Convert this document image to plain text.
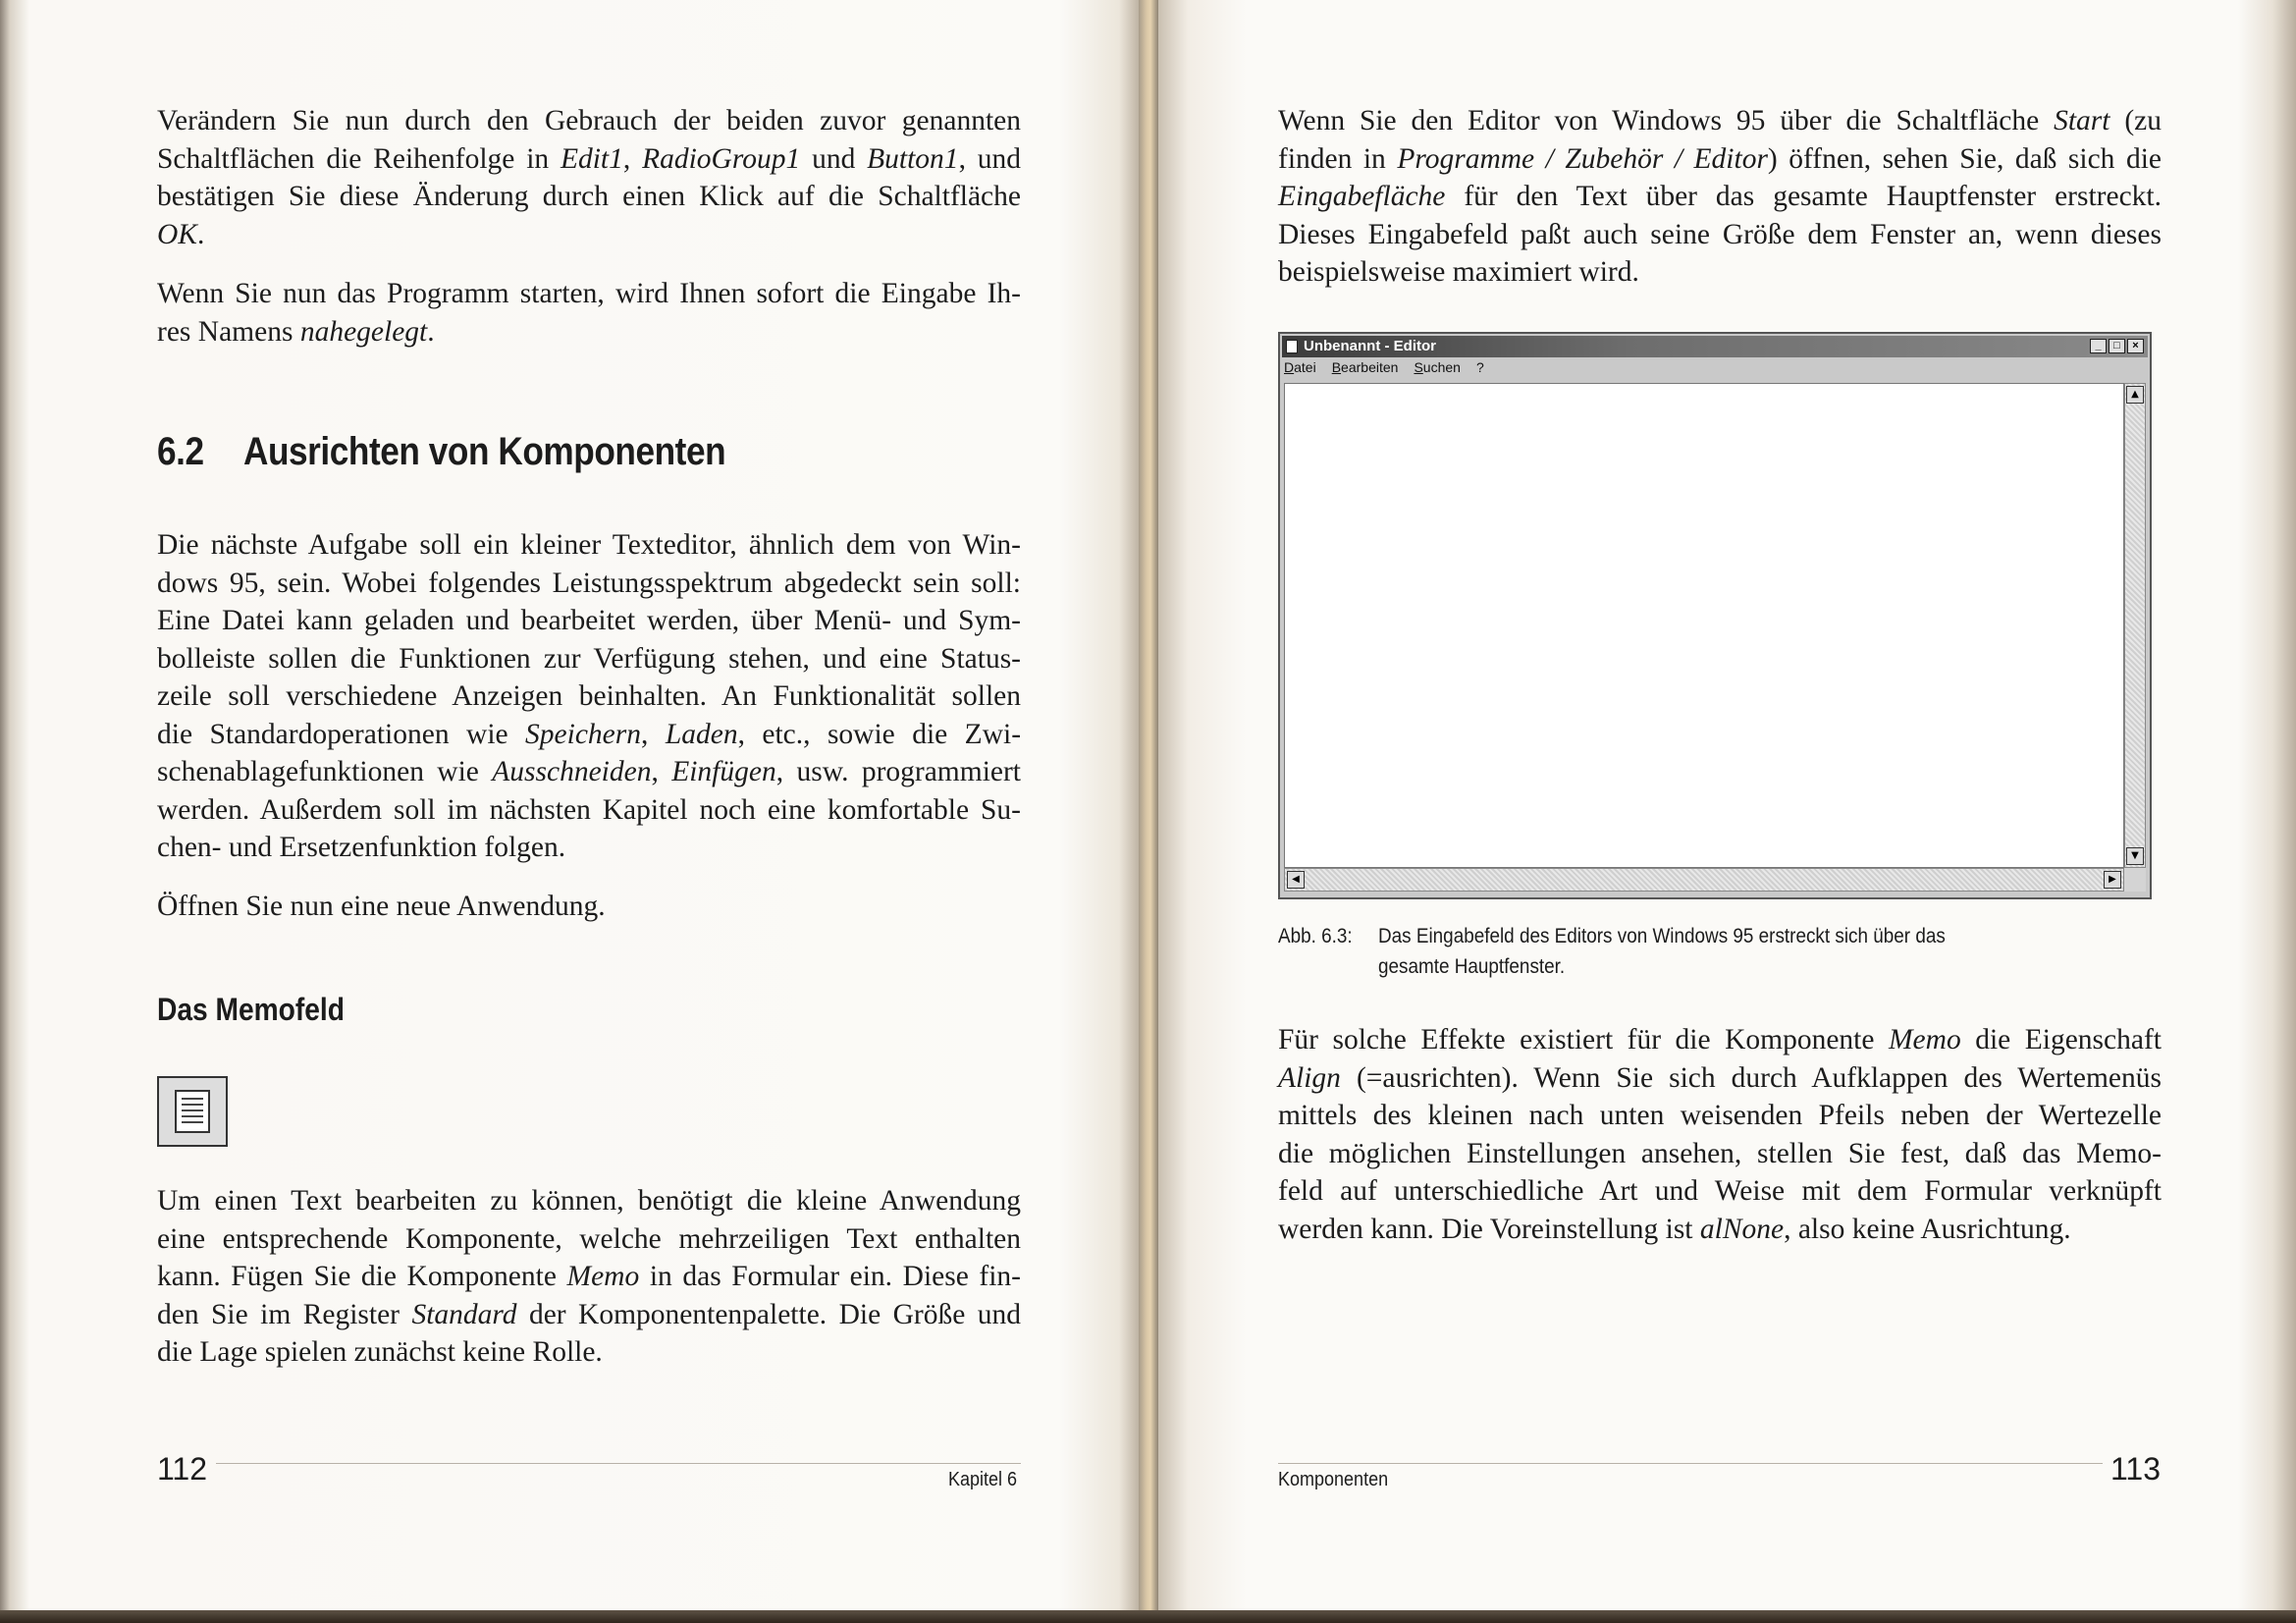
Verändern Sie nun durch den Gebrauch der beiden zuvor genannten
Schaltflächen die Reihenfolge in Edit1, RadioGroup1 und Button1, und
bestätigen Sie diese Änderung durch einen Klick auf die Schaltfläche
OK.

Wenn Sie nun das Programm starten, wird Ihnen sofort die Eingabe Ih-
res Namens nahegelegt.

6.2 Ausrichten von Komponenten

Die nächste Aufgabe soll ein kleiner Texteditor, ähnlich dem von Win-
dows 95, sein. Wobei folgendes Leistungsspektrum abgedeckt sein soll:
Eine Datei kann geladen und bearbeitet werden, über Menü- und Sym-
bolleiste sollen die Funktionen zur Verfügung stehen, und eine Status-
zeile soll verschiedene Anzeigen beinhalten. An Funktionalität sollen
die Standardoperationen wie Speichern, Laden, etc., sowie die Zwi-
schenablagefunktionen wie Ausschneiden, Einfügen, usw. programmiert
werden. Außerdem soll im nächsten Kapitel noch eine komfortable Su-
chen- und Ersetzenfunktion folgen.

Öffnen Sie nun eine neue Anwendung.

Das Memofeld

Um einen Text bearbeiten zu können, benötigt die kleine Anwendung
eine entsprechende Komponente, welche mehrzeiligen Text enthalten
kann. Fügen Sie die Komponente Memo in das Formular ein. Diese fin-
den Sie im Register Standard der Komponentenpalette. Die Größe und
die Lage spielen zunächst keine Rolle.

112	Kapitel 6

Wenn Sie den Editor von Windows 95 über die Schaltfläche Start (zu
finden in Programme / Zubehör / Editor) öffnen, sehen Sie, daß sich die
Eingabefläche für den Text über das gesamte Hauptfenster erstreckt.
Dieses Eingabefeld paßt auch seine Größe dem Fenster an, wenn dieses
beispielsweise maximiert wird.

Unbenannt - Editor	_	□	×
Datei Bearbeiten Suchen ?
▲
▼
◀	▶
Abb. 6.3: Das Eingabefeld des Editors von Windows 95 erstreckt sich über das gesamte Hauptfenster.

Für solche Effekte existiert für die Komponente Memo die Eigenschaft
Align (=ausrichten). Wenn Sie sich durch Aufklappen des Wertemenüs
mittels des kleinen nach unten weisenden Pfeils neben der Wertezelle
die möglichen Einstellungen ansehen, stellen Sie fest, daß das Memo-
feld auf unterschiedliche Art und Weise mit dem Formular verknüpft
werden kann. Die Voreinstellung ist alNone, also keine Ausrichtung.

Komponenten	113
